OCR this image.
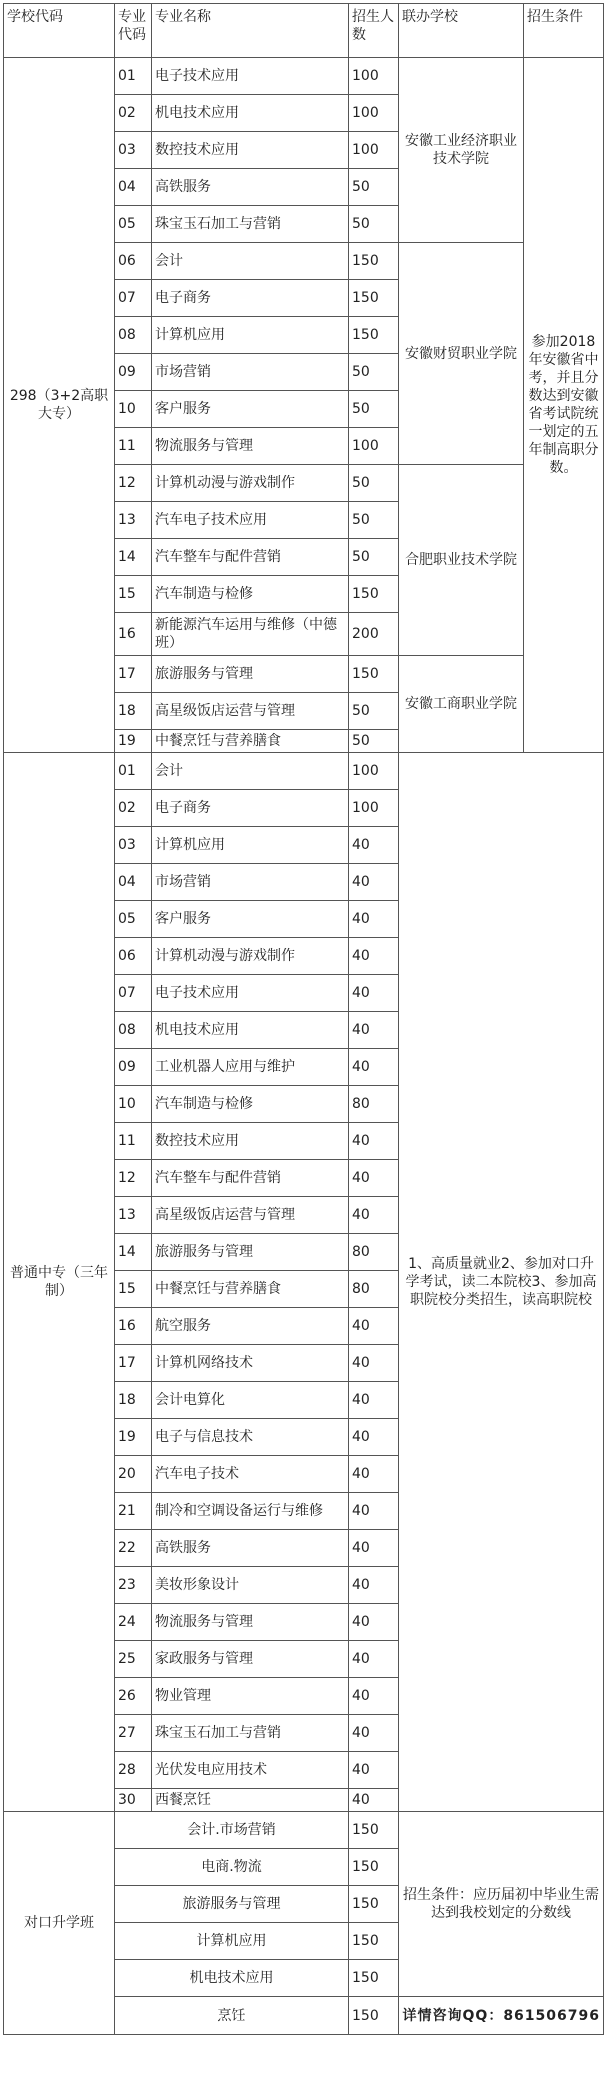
学校代码	专业代码	专业名称	招生人数	联办学校	招生条件
298（3+2高职大专）	01	电子技术应用	100	安徽工业经济职业技术学院	参加2018年安徽省中考，并且分数达到安徽省考试院统一划定的五年制高职分数。
	02	机电技术应用	100		
	03	数控技术应用	100		
	04	高铁服务	50		
	05	珠宝玉石加工与营销	50		
	06	会计	150	安徽财贸职业学院	
	07	电子商务	150		
	08	计算机应用	150		
	09	市场营销	50		
	10	客户服务	50		
	11	物流服务与管理	100		
	12	计算机动漫与游戏制作	50	合肥职业技术学院	
	13	汽车电子技术应用	50		
	14	汽车整车与配件营销	50		
	15	汽车制造与检修	150		
	16	新能源汽车运用与维修（中德班）	200		
	17	旅游服务与管理	150	安徽工商职业学院	
	18	高星级饭店运营与管理	50		
	19	中餐烹饪与营养膳食	50		
普通中专（三年制）	01	会计	100	1、高质量就业2、参加对口升学考试，读二本院校3、参加高职院校分类招生，读高职院校	
	02	电子商务	100		
	03	计算机应用	40		
	04	市场营销	40		
	05	客户服务	40		
	06	计算机动漫与游戏制作	40		
	07	电子技术应用	40		
	08	机电技术应用	40		
	09	工业机器人应用与维护	40		
	10	汽车制造与检修	80		
	11	数控技术应用	40		
	12	汽车整车与配件营销	40		
	13	高星级饭店运营与管理	40		
	14	旅游服务与管理	80		
	15	中餐烹饪与营养膳食	80		
	16	航空服务	40		
	17	计算机网络技术	40		
	18	会计电算化	40		
	19	电子与信息技术	40		
	20	汽车电子技术	40		
	21	制冷和空调设备运行与维修	40		
	22	高铁服务	40		
	23	美妆形象设计	40		
	24	物流服务与管理	40		
	25	家政服务与管理	40		
	26	物业管理	40		
	27	珠宝玉石加工与营销	40		
	28	光伏发电应用技术	40		
	30	西餐烹饪	40		
对口升学班	会计.市场营销		150	招生条件：应历届初中毕业生需达到我校划定的分数线	
	电商.物流		150		
	旅游服务与管理		150		
	计算机应用		150		
	机电技术应用		150		
	烹饪		150	详情咨询QQ：861506796	
